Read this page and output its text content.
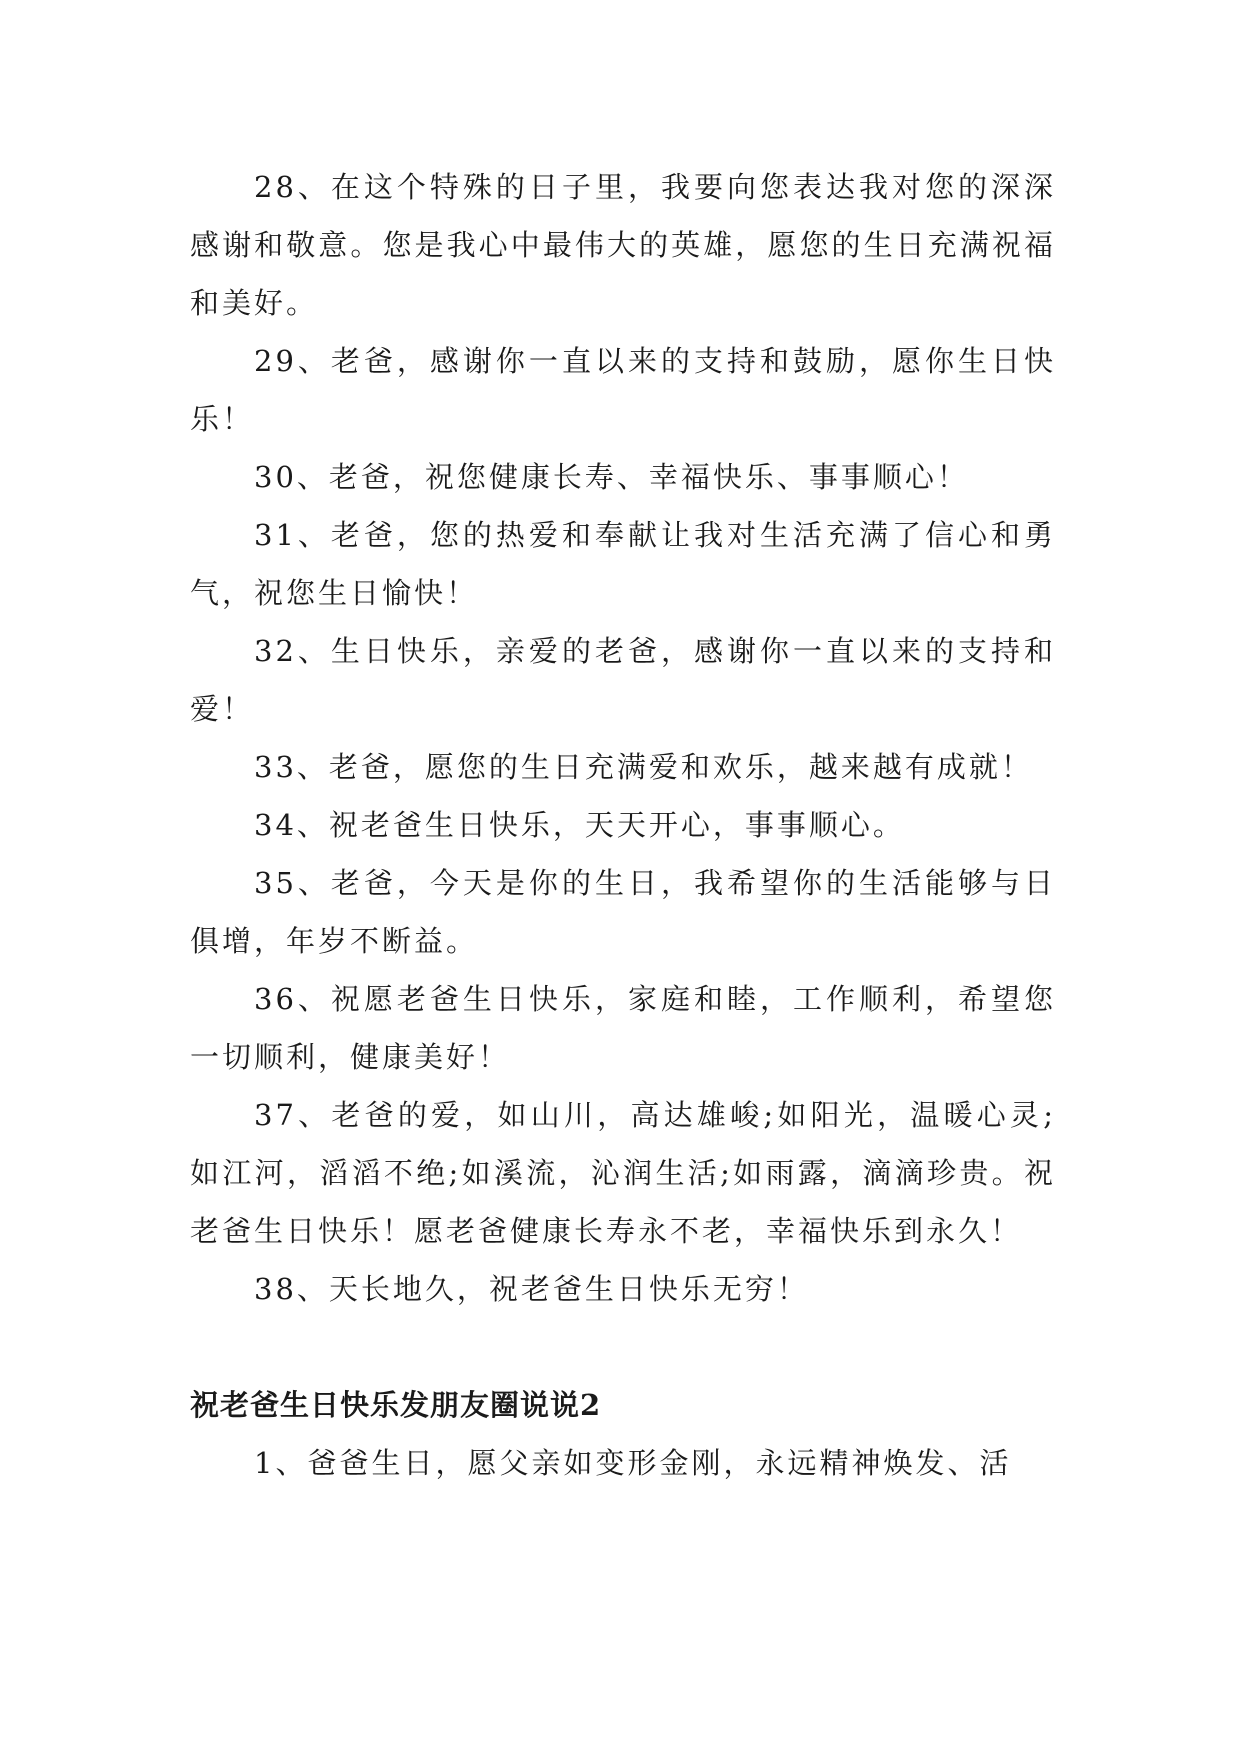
28、在这个特殊的日子里，我要向您表达我对您的深深感谢和敬意。您是我心中最伟大的英雄，愿您的生日充满祝福和美好。

29、老爸，感谢你一直以来的支持和鼓励，愿你生日快乐！

30、老爸，祝您健康长寿、幸福快乐、事事顺心！

31、老爸，您的热爱和奉献让我对生活充满了信心和勇气，祝您生日愉快！

32、生日快乐，亲爱的老爸，感谢你一直以来的支持和爱！

33、老爸，愿您的生日充满爱和欢乐，越来越有成就！

34、祝老爸生日快乐，天天开心，事事顺心。

35、老爸，今天是你的生日，我希望你的生活能够与日俱增，年岁不断益。

36、祝愿老爸生日快乐，家庭和睦，工作顺利，希望您一切顺利，健康美好！

37、老爸的爱，如山川，高达雄峻;如阳光，温暖心灵;如江河，滔滔不绝;如溪流，沁润生活;如雨露，滴滴珍贵。祝老爸生日快乐！愿老爸健康长寿永不老，幸福快乐到永久！

38、天长地久，祝老爸生日快乐无穷！

祝老爸生日快乐发朋友圈说说2

1、爸爸生日，愿父亲如变形金刚，永远精神焕发、活
